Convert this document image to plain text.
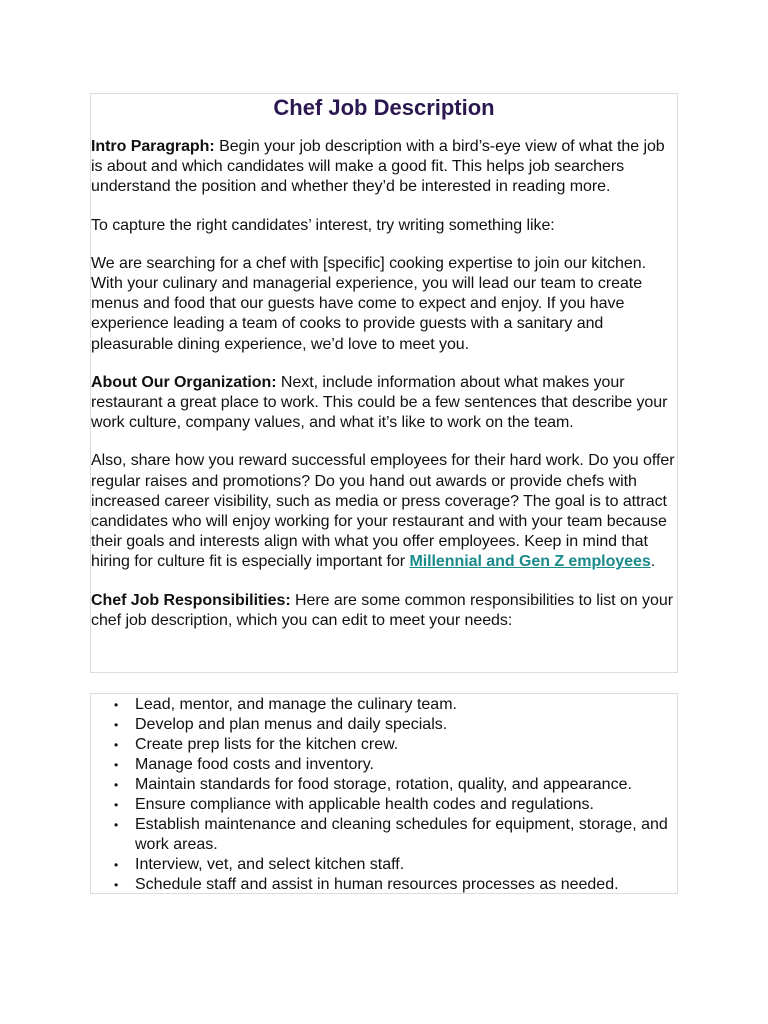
Chef Job Description

Intro Paragraph: Begin your job description with a bird’s-eye view of what the job is about and which candidates will make a good fit. This helps job searchers understand the position and whether they’d be interested in reading more.

To capture the right candidates’ interest, try writing something like:

We are searching for a chef with [specific] cooking expertise to join our kitchen. With your culinary and managerial experience, you will lead our team to create menus and food that our guests have come to expect and enjoy. If you have experience leading a team of cooks to provide guests with a sanitary and pleasurable dining experience, we’d love to meet you.

About Our Organization: Next, include information about what makes your restaurant a great place to work. This could be a few sentences that describe your work culture, company values, and what it’s like to work on the team.

Also, share how you reward successful employees for their hard work. Do you offer regular raises and promotions? Do you hand out awards or provide chefs with increased career visibility, such as media or press coverage? The goal is to attract candidates who will enjoy working for your restaurant and with your team because their goals and interests align with what you offer employees. Keep in mind that hiring for culture fit is especially important for Millennial and Gen Z employees.

Chef Job Responsibilities: Here are some common responsibilities to list on your chef job description, which you can edit to meet your needs:

• Lead, mentor, and manage the culinary team.
• Develop and plan menus and daily specials.
• Create prep lists for the kitchen crew.
• Manage food costs and inventory.
• Maintain standards for food storage, rotation, quality, and appearance.
• Ensure compliance with applicable health codes and regulations.
• Establish maintenance and cleaning schedules for equipment, storage, and work areas.
• Interview, vet, and select kitchen staff.
• Schedule staff and assist in human resources processes as needed.
